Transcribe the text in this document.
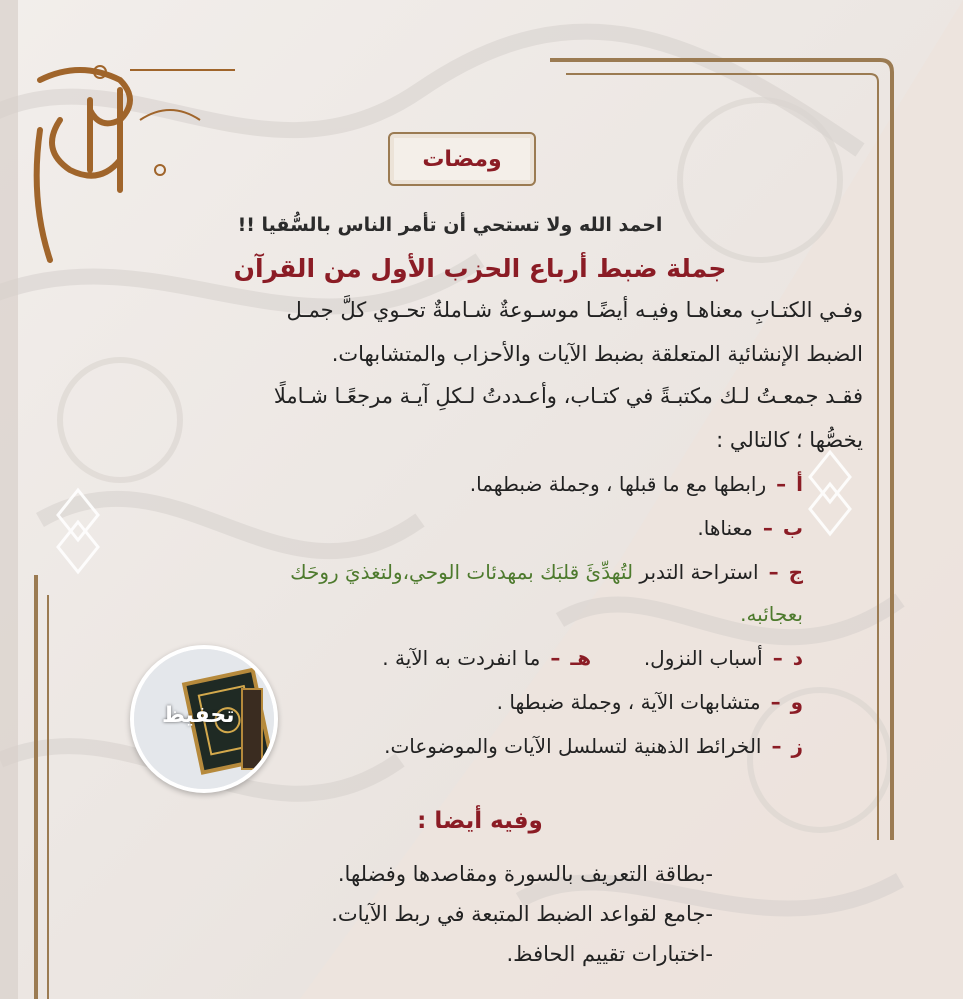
ومضات
احمد الله ولا تستحي أن تأمر الناس بالسُّقيا !!
جملة ضبط أرباع الحزب الأول من القرآن
وفـي الكتـابِ معناهـا وفيـه أيضًـا موسـوعةٌ شـاملةٌ تحـوي كلَّ جمـل
الضبط الإنشائية المتعلقة بضبط الآيات والأحزاب والمتشابهات.
فقـد جمعـتُ لـك مكتبـةً في كتـاب، وأعـددتُ لـكلِ آيـة مرجعًـا شـاملًا
يخصُّها ؛ كالتالي :
أ–رابطها مع ما قبلها ، وجملة ضبطهما.
ب–معناها.
ج–استراحة التدبر لتُهدِّئَ قلبَك بمهدئات الوحي،ولتغذيَ روحَك
بعجائبه.
د–أسباب النزول.  هـ–ما انفردت به الآية .
و–متشابهات الآية ، وجملة ضبطها .
ز–الخرائط الذهنية لتسلسل الآيات والموضوعات.
تحفيظ
وفيه أيضا :
-بطاقة التعريف بالسورة ومقاصدها وفضلها.
-جامع لقواعد الضبط المتبعة في ربط الآيات.
-اختبارات تقييم الحافظ.
